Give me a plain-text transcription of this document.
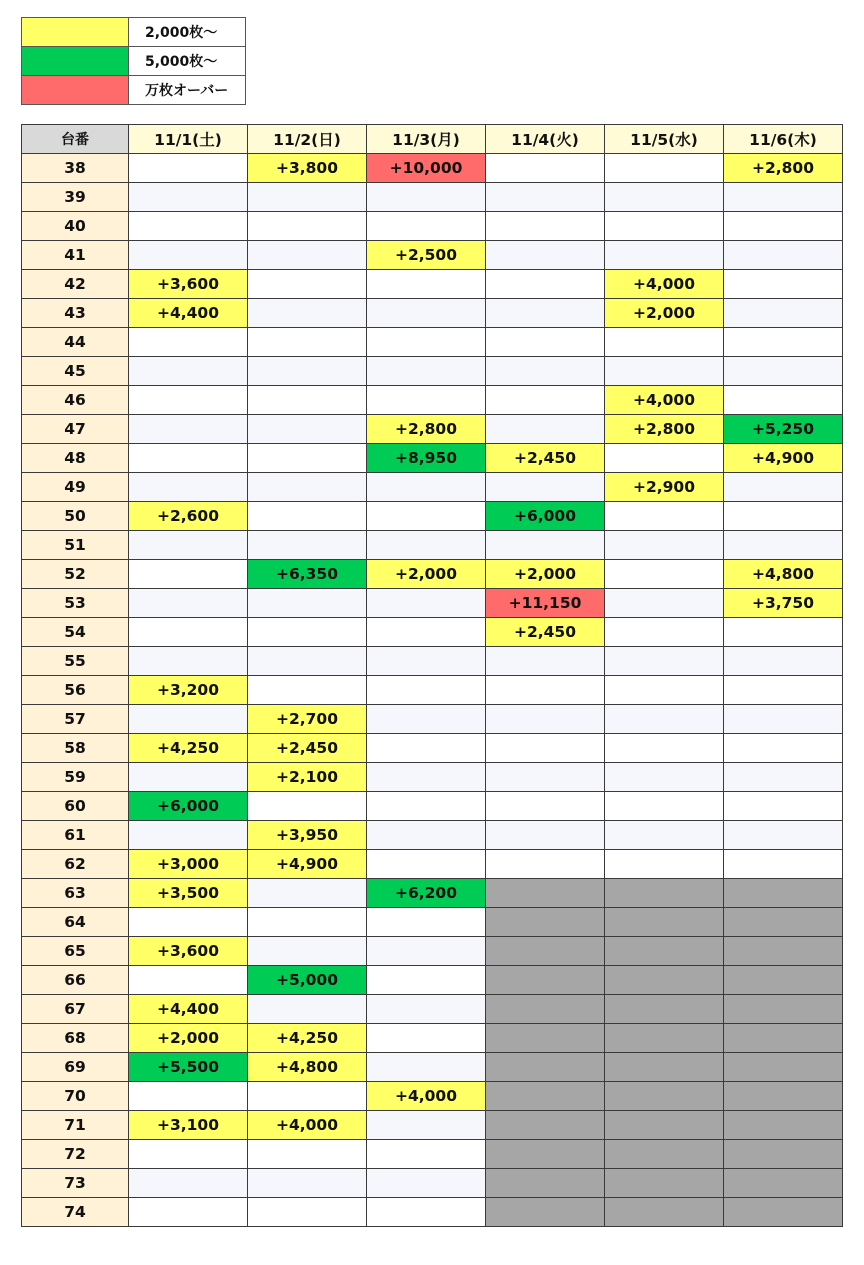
	2,000枚〜
	5,000枚〜
	万枚オーバー
台番	11/1(土)	11/2(日)	11/3(月)	11/4(火)	11/5(水)	11/6(木)
38		+3,800	+10,000			+2,800
39						
40						
41			+2,500			
42	+3,600				+4,000	
43	+4,400				+2,000	
44						
45						
46					+4,000	
47			+2,800		+2,800	+5,250
48			+8,950	+2,450		+4,900
49					+2,900	
50	+2,600			+6,000		
51						
52		+6,350	+2,000	+2,000		+4,800
53				+11,150		+3,750
54				+2,450		
55						
56	+3,200					
57		+2,700				
58	+4,250	+2,450				
59		+2,100				
60	+6,000					
61		+3,950				
62	+3,000	+4,900				
63	+3,500		+6,200			
64						
65	+3,600					
66		+5,000				
67	+4,400					
68	+2,000	+4,250				
69	+5,500	+4,800				
70			+4,000			
71	+3,100	+4,000				
72						
73						
74						
